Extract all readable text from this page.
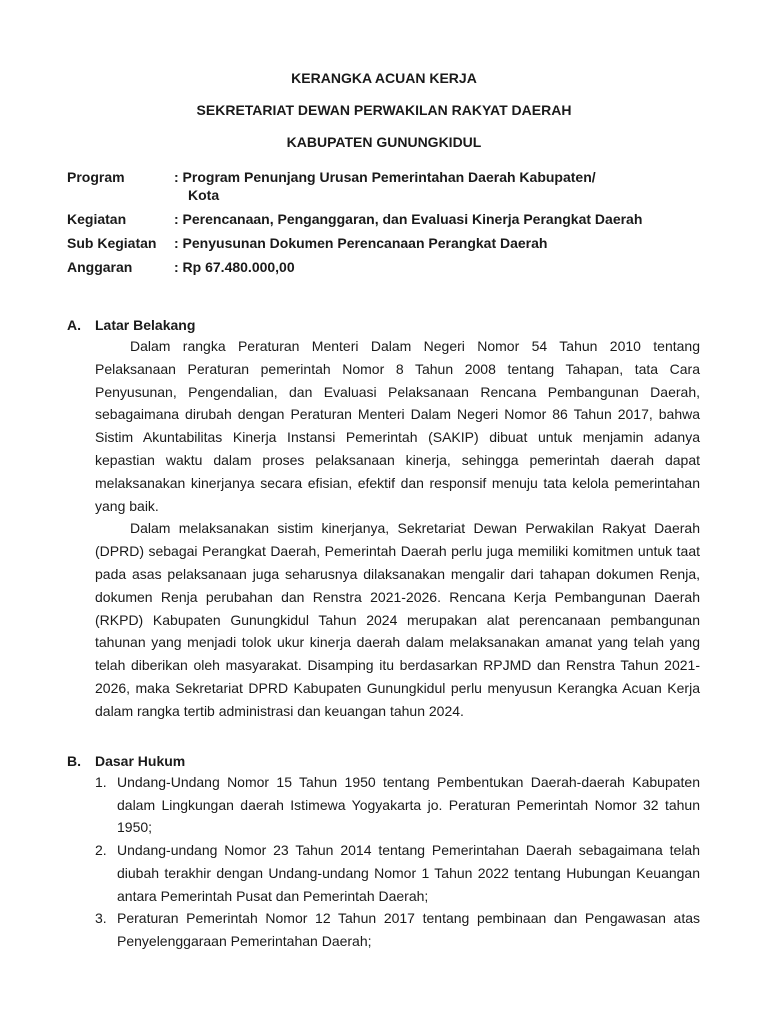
KERANGKA ACUAN KERJA
SEKRETARIAT DEWAN PERWAKILAN RAKYAT DAERAH
KABUPATEN GUNUNGKIDUL
Program	: Program Penunjang Urusan Pemerintahan Daerah Kabupaten/
Kota
Kegiatan	: Perencanaan, Penganggaran, dan Evaluasi Kinerja Perangkat Daerah
Sub Kegiatan	: Penyusunan Dokumen Perencanaan Perangkat Daerah
Anggaran	: Rp 67.480.000,00
A.	Latar Belakang

Dalam rangka Peraturan Menteri Dalam Negeri Nomor 54 Tahun 2010 tentang Pelaksanaan Peraturan pemerintah Nomor 8 Tahun 2008 tentang Tahapan, tata Cara Penyusunan, Pengendalian, dan Evaluasi Pelaksanaan Rencana Pembangunan Daerah, sebagaimana dirubah dengan Peraturan Menteri Dalam Negeri Nomor 86 Tahun 2017, bahwa Sistim Akuntabilitas Kinerja Instansi Pemerintah (SAKIP) dibuat untuk menjamin adanya kepastian waktu dalam proses pelaksanaan kinerja, sehingga pemerintah daerah dapat melaksanakan kinerjanya secara efisian, efektif dan responsif menuju tata kelola pemerintahan yang baik.

Dalam melaksanakan sistim kinerjanya, Sekretariat Dewan Perwakilan Rakyat Daerah (DPRD) sebagai Perangkat Daerah, Pemerintah Daerah perlu juga memiliki komitmen untuk taat pada asas pelaksanaan juga seharusnya dilaksanakan mengalir dari tahapan dokumen Renja, dokumen Renja perubahan dan Renstra 2021-2026. Rencana Kerja Pembangunan Daerah (RKPD) Kabupaten Gunungkidul Tahun 2024 merupakan alat perencanaan pembangunan tahunan yang menjadi tolok ukur kinerja daerah dalam melaksanakan amanat yang telah yang telah diberikan oleh masyarakat. Disamping itu berdasarkan RPJMD dan Renstra Tahun 2021-2026, maka Sekretariat DPRD Kabupaten Gunungkidul perlu menyusun Kerangka Acuan Kerja dalam rangka tertib administrasi dan keuangan tahun 2024.

B.	Dasar Hukum
1. Undang-Undang Nomor 15 Tahun 1950 tentang Pembentukan Daerah-daerah Kabupaten dalam Lingkungan daerah Istimewa Yogyakarta jo. Peraturan Pemerintah Nomor 32 tahun 1950;
2. Undang-undang Nomor 23 Tahun 2014 tentang Pemerintahan Daerah sebagaimana telah diubah terakhir dengan Undang-undang Nomor 1 Tahun 2022 tentang Hubungan Keuangan antara Pemerintah Pusat dan Pemerintah Daerah;
3. Peraturan Pemerintah Nomor 12 Tahun 2017 tentang pembinaan dan Pengawasan atas Penyelenggaraan Pemerintahan Daerah;
